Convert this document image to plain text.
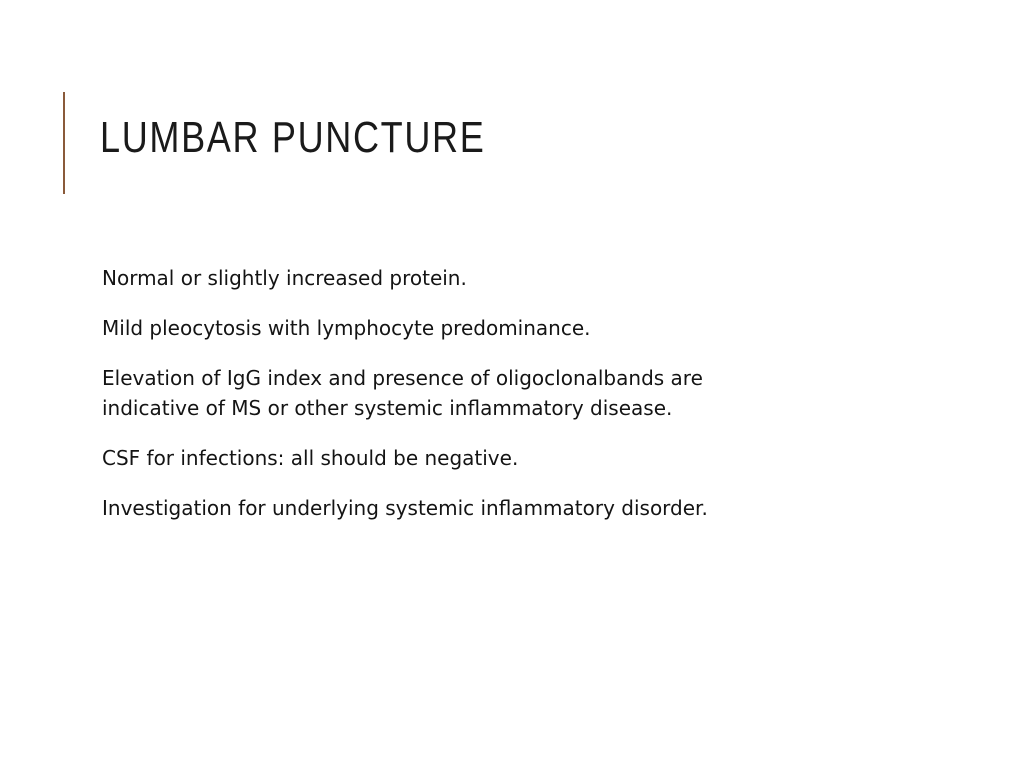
LUMBAR PUNCTURE
Normal or slightly increased protein.
Mild pleocytosis with lymphocyte predominance.
Elevation of IgG index and presence of oligoclonalbands are indicative of MS or other systemic inflammatory disease.
CSF for infections: all should be negative.
Investigation for underlying systemic inflammatory disorder.
